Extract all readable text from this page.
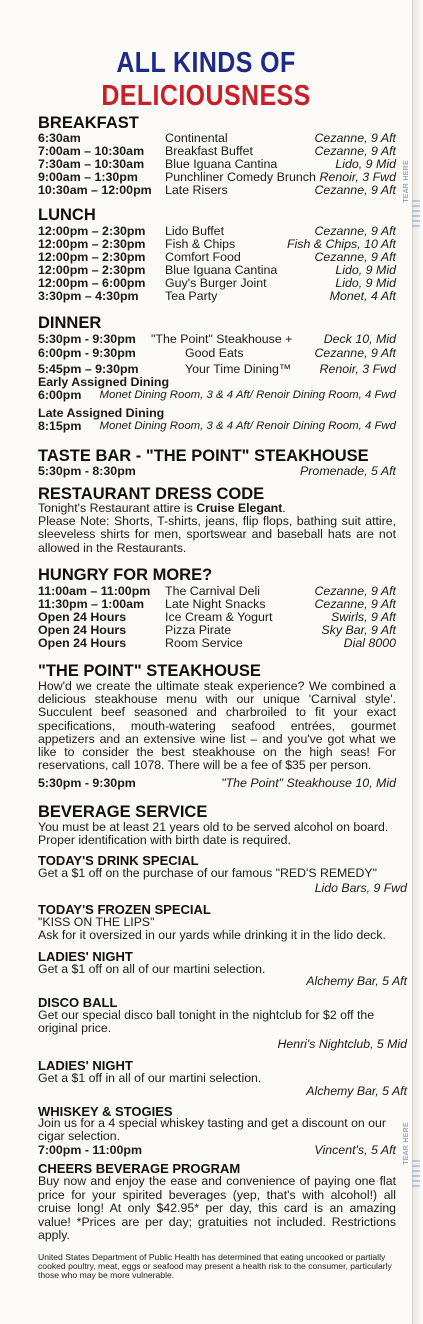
TEAR HERE
TEAR HERE
ALL KINDS OF
DELICIOUSNESS
BREAKFAST
6:30am	Continental	Cezanne, 9 Aft
7:00am – 10:30am Breakfast Buffet	Cezanne, 9 Aft
7:30am – 10:30am Blue Iguana Cantina	Lido, 9 Mid
9:00am – 1:30pm Punchliner Comedy Brunch Renoir, 3 Fwd
10:30am – 12:00pm Late Risers	Cezanne, 9 Aft
LUNCH
12:00pm – 2:30pm Lido Buffet	Cezanne, 9 Aft
12:00pm – 2:30pm Fish & Chips	Fish & Chips, 10 Aft
12:00pm – 2:30pm Comfort Food	Cezanne, 9 Aft
12:00pm – 2:30pm Blue Iguana Cantina	Lido, 9 Mid
12:00pm – 6:00pm Guy's Burger Joint	Lido, 9 Mid
3:30pm – 4:30pm Tea Party	Monet, 4 Aft
DINNER
5:30pm - 9:30pm "The Point" Steakhouse +	Deck 10, Mid
6:00pm - 9:30pm	Good Eats	Cezanne, 9 Aft
5:45pm – 9:30pm	Your Time Dining™ Renoir, 3 Fwd
Early Assigned Dining
6:00pm Monet Dining Room, 3 & 4 Aft/ Renoir Dining Room, 4 Fwd
Late Assigned Dining
8:15pm Monet Dining Room, 3 & 4 Aft/ Renoir Dining Room, 4 Fwd
TASTE BAR - "THE POINT" STEAKHOUSE
5:30pm - 8:30pm	Promenade, 5 Aft
RESTAURANT DRESS CODE
Tonight's Restaurant attire is Cruise Elegant.
Please Note: Shorts, T-shirts, jeans, flip flops, bathing suit attire, sleeveless shirts for men, sportswear and baseball hats are not allowed in the Restaurants.
HUNGRY FOR MORE?
11:00am – 11:00pm The Carnival Deli	Cezanne, 9 Aft
11:30pm – 1:00am Late Night Snacks	Cezanne, 9 Aft
Open 24 Hours	Ice Cream & Yogurt	Swirls, 9 Aft
Open 24 Hours	Pizza Pirate	Sky Bar, 9 Aft
Open 24 Hours	Room Service	Dial 8000
"THE POINT" STEAKHOUSE
How'd we create the ultimate steak experience? We combined a delicious steakhouse menu with our unique 'Carnival style'. Succulent beef seasoned and charbroiled to fit your exact specifications, mouth-watering seafood entrées, gourmet appetizers and an extensive wine list – and you've got what we like to consider the best steakhouse on the high seas! For reservations, call 1078. There will be a fee of $35 per person.
5:30pm - 9:30pm	"The Point" Steakhouse 10, Mid
BEVERAGE SERVICE
You must be at least 21 years old to be served alcohol on board. Proper identification with birth date is required.
TODAY'S DRINK SPECIAL
Get a $1 off on the purchase of our famous "RED'S REMEDY"
Lido Bars, 9 Fwd
TODAY'S FROZEN SPECIAL
"KISS ON THE LIPS"
Ask for it oversized in our yards while drinking it in the lido deck.
LADIES' NIGHT
Get a $1 off on all of our martini selection.
Alchemy Bar, 5 Aft
DISCO BALL
Get our special disco ball tonight in the nightclub for $2 off the original price.
Henri's Nightclub, 5 Mid
LADIES' NIGHT
Get a $1 off in all of our martini selection.
Alchemy Bar, 5 Aft
WHISKEY & STOGIES
Join us for a 4 special whiskey tasting and get a discount on our cigar selection.
7:00pm - 11:00pm	Vincent's, 5 Aft
CHEERS BEVERAGE PROGRAM
Buy now and enjoy the ease and convenience of paying one flat price for your spirited beverages (yep, that's with alcohol!) all cruise long! At only $42.95* per day, this card is an amazing value! *Prices are per day; gratuities not included. Restrictions apply.
United States Department of Public Health has determined that eating uncooked or partially cooked poultry, meat, eggs or seafood may present a health risk to the consumer, particularly those who may be more vulnerable.
